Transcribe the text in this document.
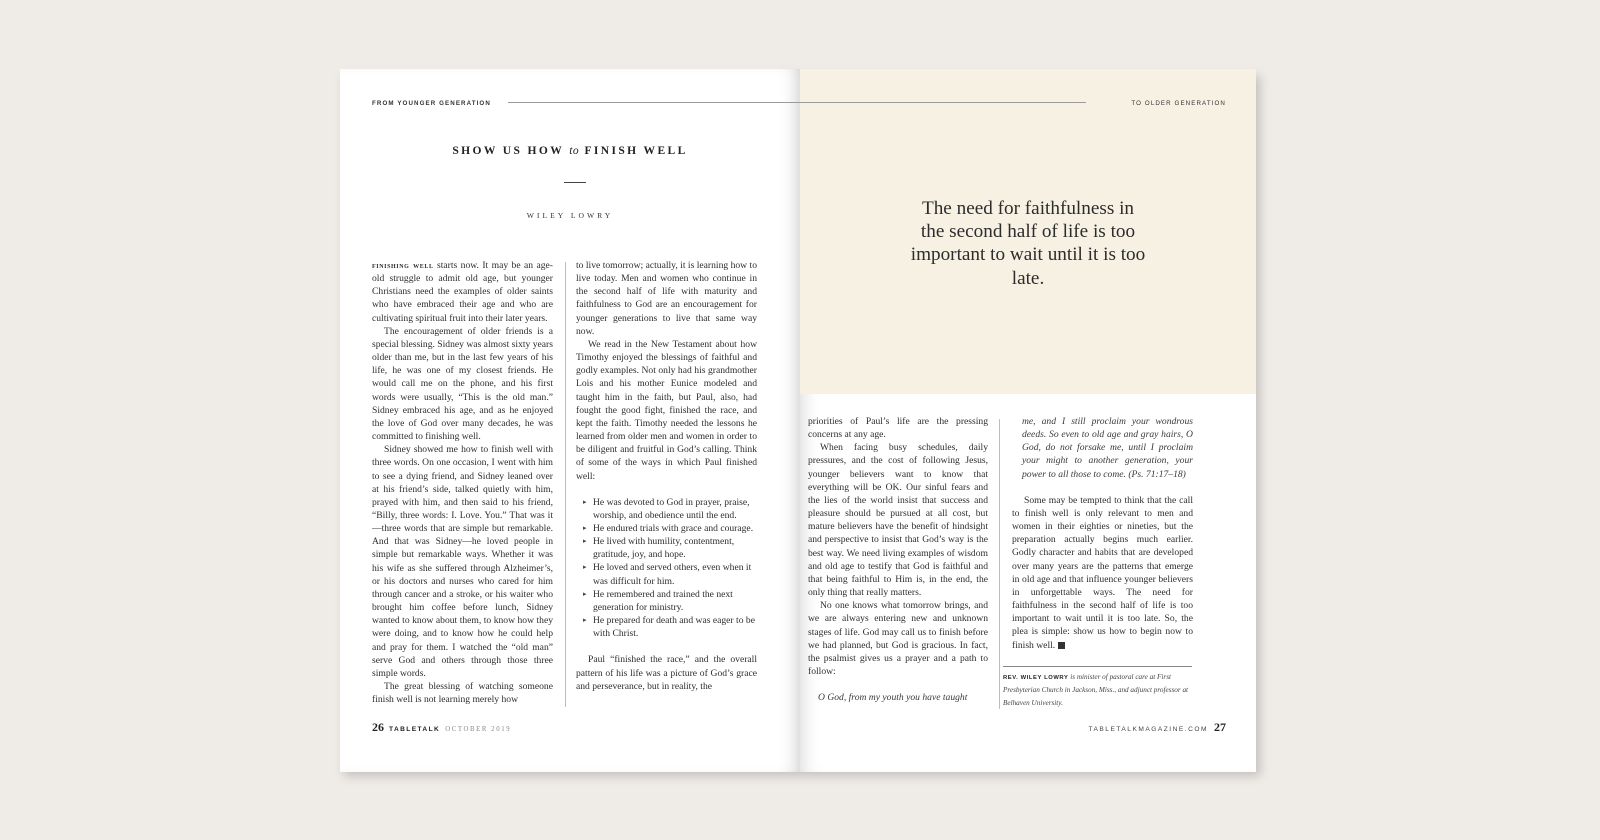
FROM YOUNGER GENERATION
SHOW US HOW to FINISH WELL
WILEY LOWRY

finishing well starts now. It may be an age-old struggle to admit old age, but younger Christians need the examples of older saints who have embraced their age and who are cultivating spiritual fruit into their later years.

The encouragement of older friends is a special blessing. Sidney was almost sixty years older than me, but in the last few years of his life, he was one of my closest friends. He would call me on the phone, and his first words were usually, “This is the old man.” Sidney embraced his age, and as he enjoyed the love of God over many decades, he was committed to finishing well.

Sidney showed me how to finish well with three words. On one occasion, I went with him to see a dying friend, and Sidney leaned over at his friend’s side, talked quietly with him, prayed with him, and then said to his friend, “Billy, three words: I. Love. You.” That was it—three words that are simple but remarkable. And that was Sidney—he loved people in simple but remarkable ways. Whether it was his wife as she suffered through Alzheimer’s, or his doctors and nurses who cared for him through cancer and a stroke, or his waiter who brought him coffee before lunch, Sidney wanted to know about them, to know how they were doing, and to know how he could help and pray for them. I watched the “old man” serve God and others through those three simple words.

The great blessing of watching someone finish well is not learning merely how

to live tomorrow; actually, it is learning how to live today. Men and women who continue in the second half of life with maturity and faithfulness to God are an encouragement for younger generations to live that same way now.

We read in the New Testament about how Timothy enjoyed the blessings of faithful and godly examples. Not only had his grandmother Lois and his mother Eunice modeled and taught him in the faith, but Paul, also, had fought the good fight, finished the race, and kept the faith. Timothy needed the lessons he learned from older men and women in order to be diligent and fruitful in God’s calling. Think of some of the ways in which Paul finished well:

▸ He was devoted to God in prayer, praise, worship, and obedience until the end.
▸ He endured trials with grace and courage.
▸ He lived with humility, contentment, gratitude, joy, and hope.
▸ He loved and served others, even when it was difficult for him.
▸ He remembered and trained the next generation for ministry.
▸ He prepared for death and was eager to be with Christ.

Paul “finished the race,” and the overall pattern of his life was a picture of God’s grace and perseverance, but in reality, the

26 TABLETALK OCTOBER 2019
TO OLDER GENERATION
The need for faithfulness in the second half of life is too important to wait until it is too late.

priorities of Paul’s life are the pressing concerns at any age.

When facing busy schedules, daily pressures, and the cost of following Jesus, younger believers want to know that everything will be OK. Our sinful fears and the lies of the world insist that success and pleasure should be pursued at all cost, but mature believers have the benefit of hindsight and perspective to insist that God’s way is the best way. We need living examples of wisdom and old age to testify that God is faithful and that being faithful to Him is, in the end, the only thing that really matters.

No one knows what tomorrow brings, and we are always entering new and unknown stages of life. God may call us to finish before we had planned, but God is gracious. In fact, the psalmist gives us a prayer and a path to follow:

O God, from my youth you have taught

me, and I still proclaim your wondrous deeds. So even to old age and gray hairs, O God, do not forsake me, until I proclaim your might to another generation, your power to all those to come. (Ps. 71:17–18)

Some may be tempted to think that the call to finish well is only relevant to men and women in their eighties or nineties, but the preparation actually begins much earlier. Godly character and habits that are developed over many years are the patterns that emerge in old age and that influence younger believers in unforgettable ways. The need for faithfulness in the second half of life is too important to wait until it is too late. So, the plea is simple: show us how to begin now to finish well.

REV. WILEY LOWRY is minister of pastoral care at First Presbyterian Church in Jackson, Miss., and adjunct professor at Belhaven University.
TABLETALKMAGAZINE.COM 27
